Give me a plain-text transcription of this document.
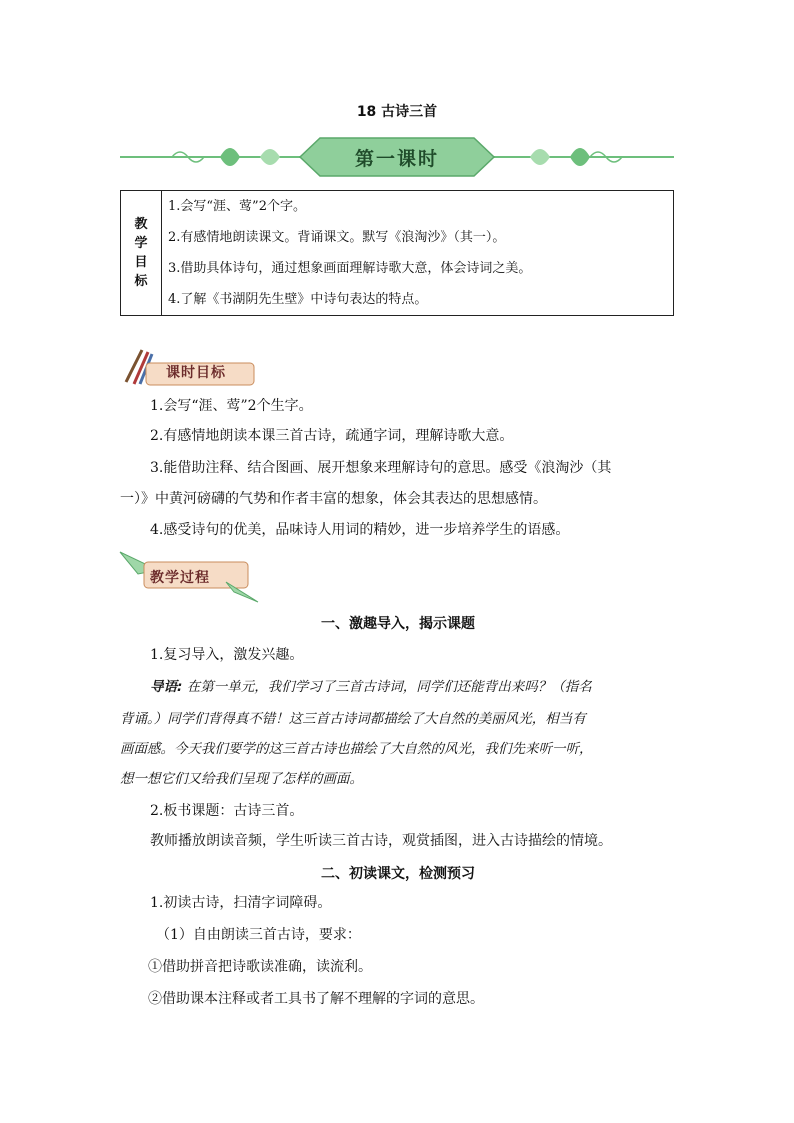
18 古诗三首
第一课时
教
学
目
标

1.会写“涯、莺”2个字。
2.有感情地朗读课文。背诵课文。默写《浪淘沙》（其一）。
3.借助具体诗句，通过想象画面理解诗歌大意，体会诗词之美。
4.了解《书湖阴先生壁》中诗句表达的特点。
课时目标
1.会写“涯、莺”2个生字。
2.有感情地朗读本课三首古诗，疏通字词，理解诗歌大意。
3.能借助注释、结合图画、展开想象来理解诗句的意思。感受《浪淘沙（其
一）》中黄河磅礴的气势和作者丰富的想象，体会其表达的思想感情。
4.感受诗句的优美，品味诗人用词的精妙，进一步培养学生的语感。
教学过程
一、激趣导入，揭示课题
1.复习导入，激发兴趣。
导语: 在第一单元，我们学习了三首古诗词，同学们还能背出来吗？（指名
背诵。）同学们背得真不错！这三首古诗词都描绘了大自然的美丽风光，相当有
画面感。今天我们要学的这三首古诗也描绘了大自然的风光，我们先来听一听，
想一想它们又给我们呈现了怎样的画面。
2.板书课题：古诗三首。
教师播放朗读音频，学生听读三首古诗，观赏插图，进入古诗描绘的情境。
二、初读课文，检测预习
1.初读古诗，扫清字词障碍。
（1）自由朗读三首古诗，要求：
①借助拼音把诗歌读准确，读流利。
②借助课本注释或者工具书了解不理解的字词的意思。
